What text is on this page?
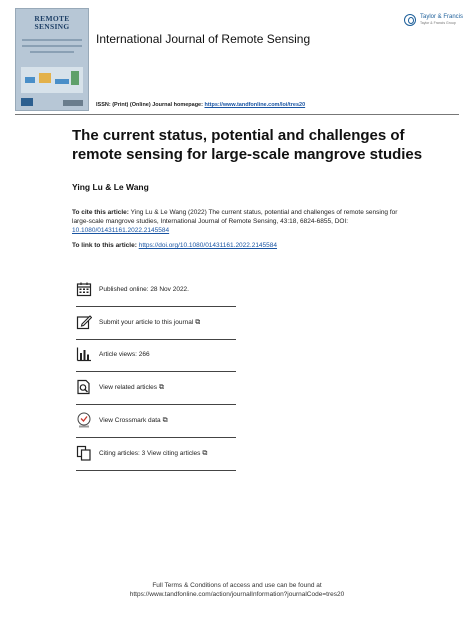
REMOTE SENSING
International Journal of Remote Sensing
Taylor & Francis
Taylor & Francis Group
ISSN: (Print) (Online) Journal homepage: https://www.tandfonline.com/loi/tres20
The current status, potential and challenges of remote sensing for large-scale mangrove studies
Ying Lu & Le Wang
To cite this article: Ying Lu & Le Wang (2022) The current status, potential and challenges of remote sensing for large-scale mangrove studies, International Journal of Remote Sensing, 43:18, 6824-6855, DOI: 10.1080/01431161.2022.2145584
To link to this article: https://doi.org/10.1080/01431161.2022.2145584
Published online: 28 Nov 2022.
Submit your article to this journal ⧉
Article views: 266
View related articles ⧉
View Crossmark data ⧉
Citing articles: 3 View citing articles ⧉
Full Terms & Conditions of access and use can be found at
https://www.tandfonline.com/action/journalInformation?journalCode=tres20
